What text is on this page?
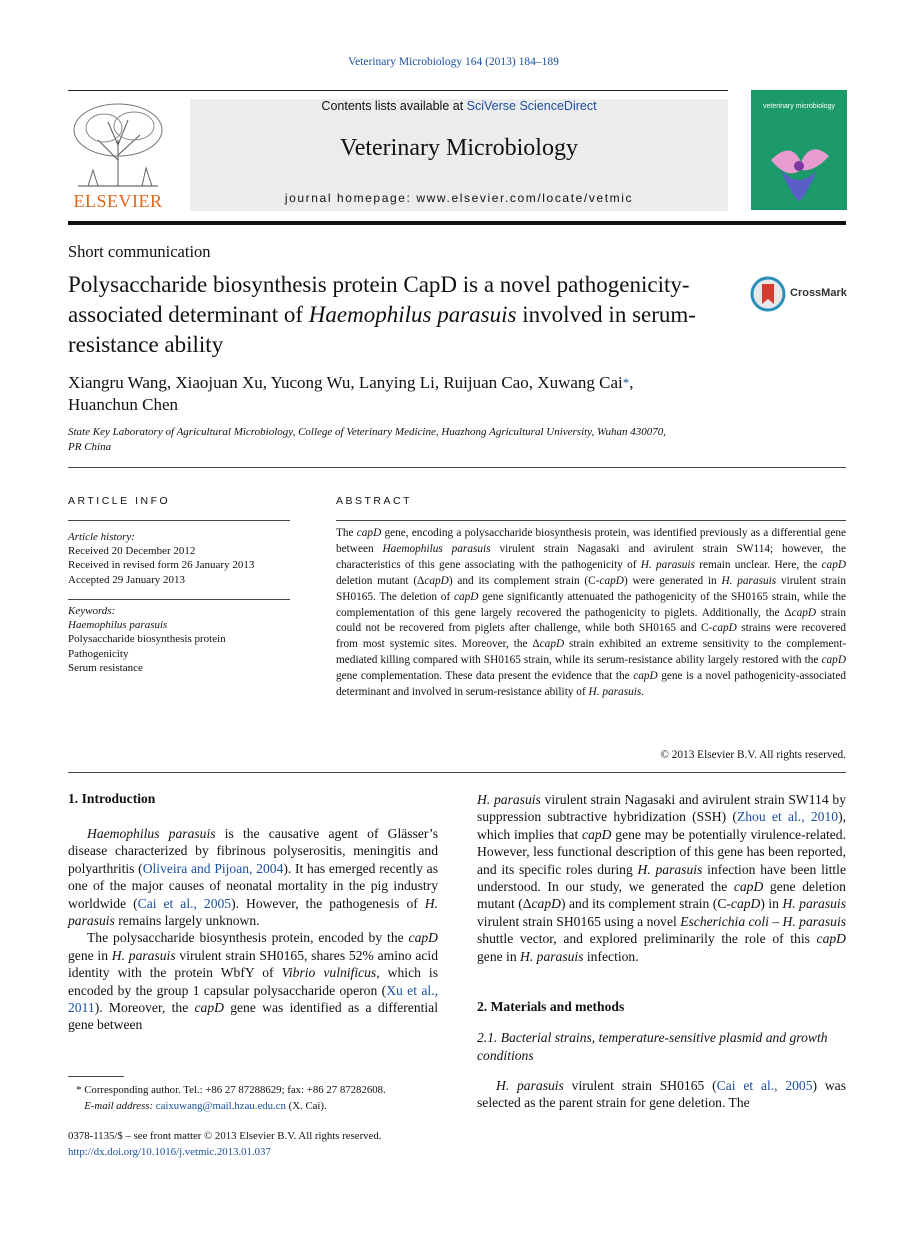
Veterinary Microbiology 164 (2013) 184–189
ELSEVIER
Contents lists available at SciVerse ScienceDirect
Veterinary Microbiology
journal homepage: www.elsevier.com/locate/vetmic
veterinary microbiology
Short communication
Polysaccharide biosynthesis protein CapD is a novel pathogenicity-associated determinant of Haemophilus parasuis involved in serum-resistance ability
CrossMark
Xiangru Wang, Xiaojuan Xu, Yucong Wu, Lanying Li, Ruijuan Cao, Xuwang Cai*,
Huanchun Chen
State Key Laboratory of Agricultural Microbiology, College of Veterinary Medicine, Huazhong Agricultural University, Wuhan 430070, PR China
ARTICLE INFO	ABSTRACT
Article history:
Received 20 December 2012
Received in revised form 26 January 2013
Accepted 29 January 2013
Keywords:
Haemophilus parasuis
Polysaccharide biosynthesis protein
Pathogenicity
Serum resistance
The capD gene, encoding a polysaccharide biosynthesis protein, was identified previously as a differential gene between Haemophilus parasuis virulent strain Nagasaki and avirulent strain SW114; however, the characteristics of this gene associating with the pathogenicity of H. parasuis remain unclear. Here, the capD deletion mutant (ΔcapD) and its complement strain (C-capD) were generated in H. parasuis virulent strain SH0165. The deletion of capD gene significantly attenuated the pathogenicity of the SH0165 strain, while the complementation of this gene largely recovered the pathogenicity to piglets. Additionally, the ΔcapD strain could not be recovered from piglets after challenge, while both SH0165 and C-capD strains were recovered from most systemic sites. Moreover, the ΔcapD strain exhibited an extreme sensitivity to the complement-mediated killing compared with SH0165 strain, while its serum-resistance ability largely restored with the capD gene complementation. These data present the evidence that the capD gene is a novel pathogenicity-associated determinant and involved in serum-resistance ability of H. parasuis.
© 2013 Elsevier B.V. All rights reserved.
1. Introduction

Haemophilus parasuis is the causative agent of Glässer’s disease characterized by fibrinous polyserositis, meningitis and polyarthritis (Oliveira and Pijoan, 2004). It has emerged recently as one of the major causes of neonatal mortality in the pig industry worldwide (Cai et al., 2005). However, the pathogenesis of H. parasuis remains largely unknown.

The polysaccharide biosynthesis protein, encoded by the capD gene in H. parasuis virulent strain SH0165, shares 52% amino acid identity with the protein WbfY of Vibrio vulnificus, which is encoded by the group 1 capsular polysaccharide operon (Xu et al., 2011). Moreover, the capD gene was identified as a differential gene between

H. parasuis virulent strain Nagasaki and avirulent strain SW114 by suppression subtractive hybridization (SSH) (Zhou et al., 2010), which implies that capD gene may be potentially virulence-related. However, less functional description of this gene has been reported, and its specific roles during H. parasuis infection have been little understood. In our study, we generated the capD gene deletion mutant (ΔcapD) and its complement strain (C-capD) in H. parasuis virulent strain SH0165 using a novel Escherichia coli – H. parasuis shuttle vector, and explored preliminarily the role of this capD gene in H. parasuis infection.

2. Materials and methods
2.1. Bacterial strains, temperature-sensitive plasmid and growth conditions

H. parasuis virulent strain SH0165 (Cai et al., 2005) was selected as the parent strain for gene deletion. The

* Corresponding author. Tel.: +86 27 87288629; fax: +86 27 87282608.
E-mail address: caixuwang@mail.hzau.edu.cn (X. Cai).
0378-1135/$ – see front matter © 2013 Elsevier B.V. All rights reserved.
http://dx.doi.org/10.1016/j.vetmic.2013.01.037
